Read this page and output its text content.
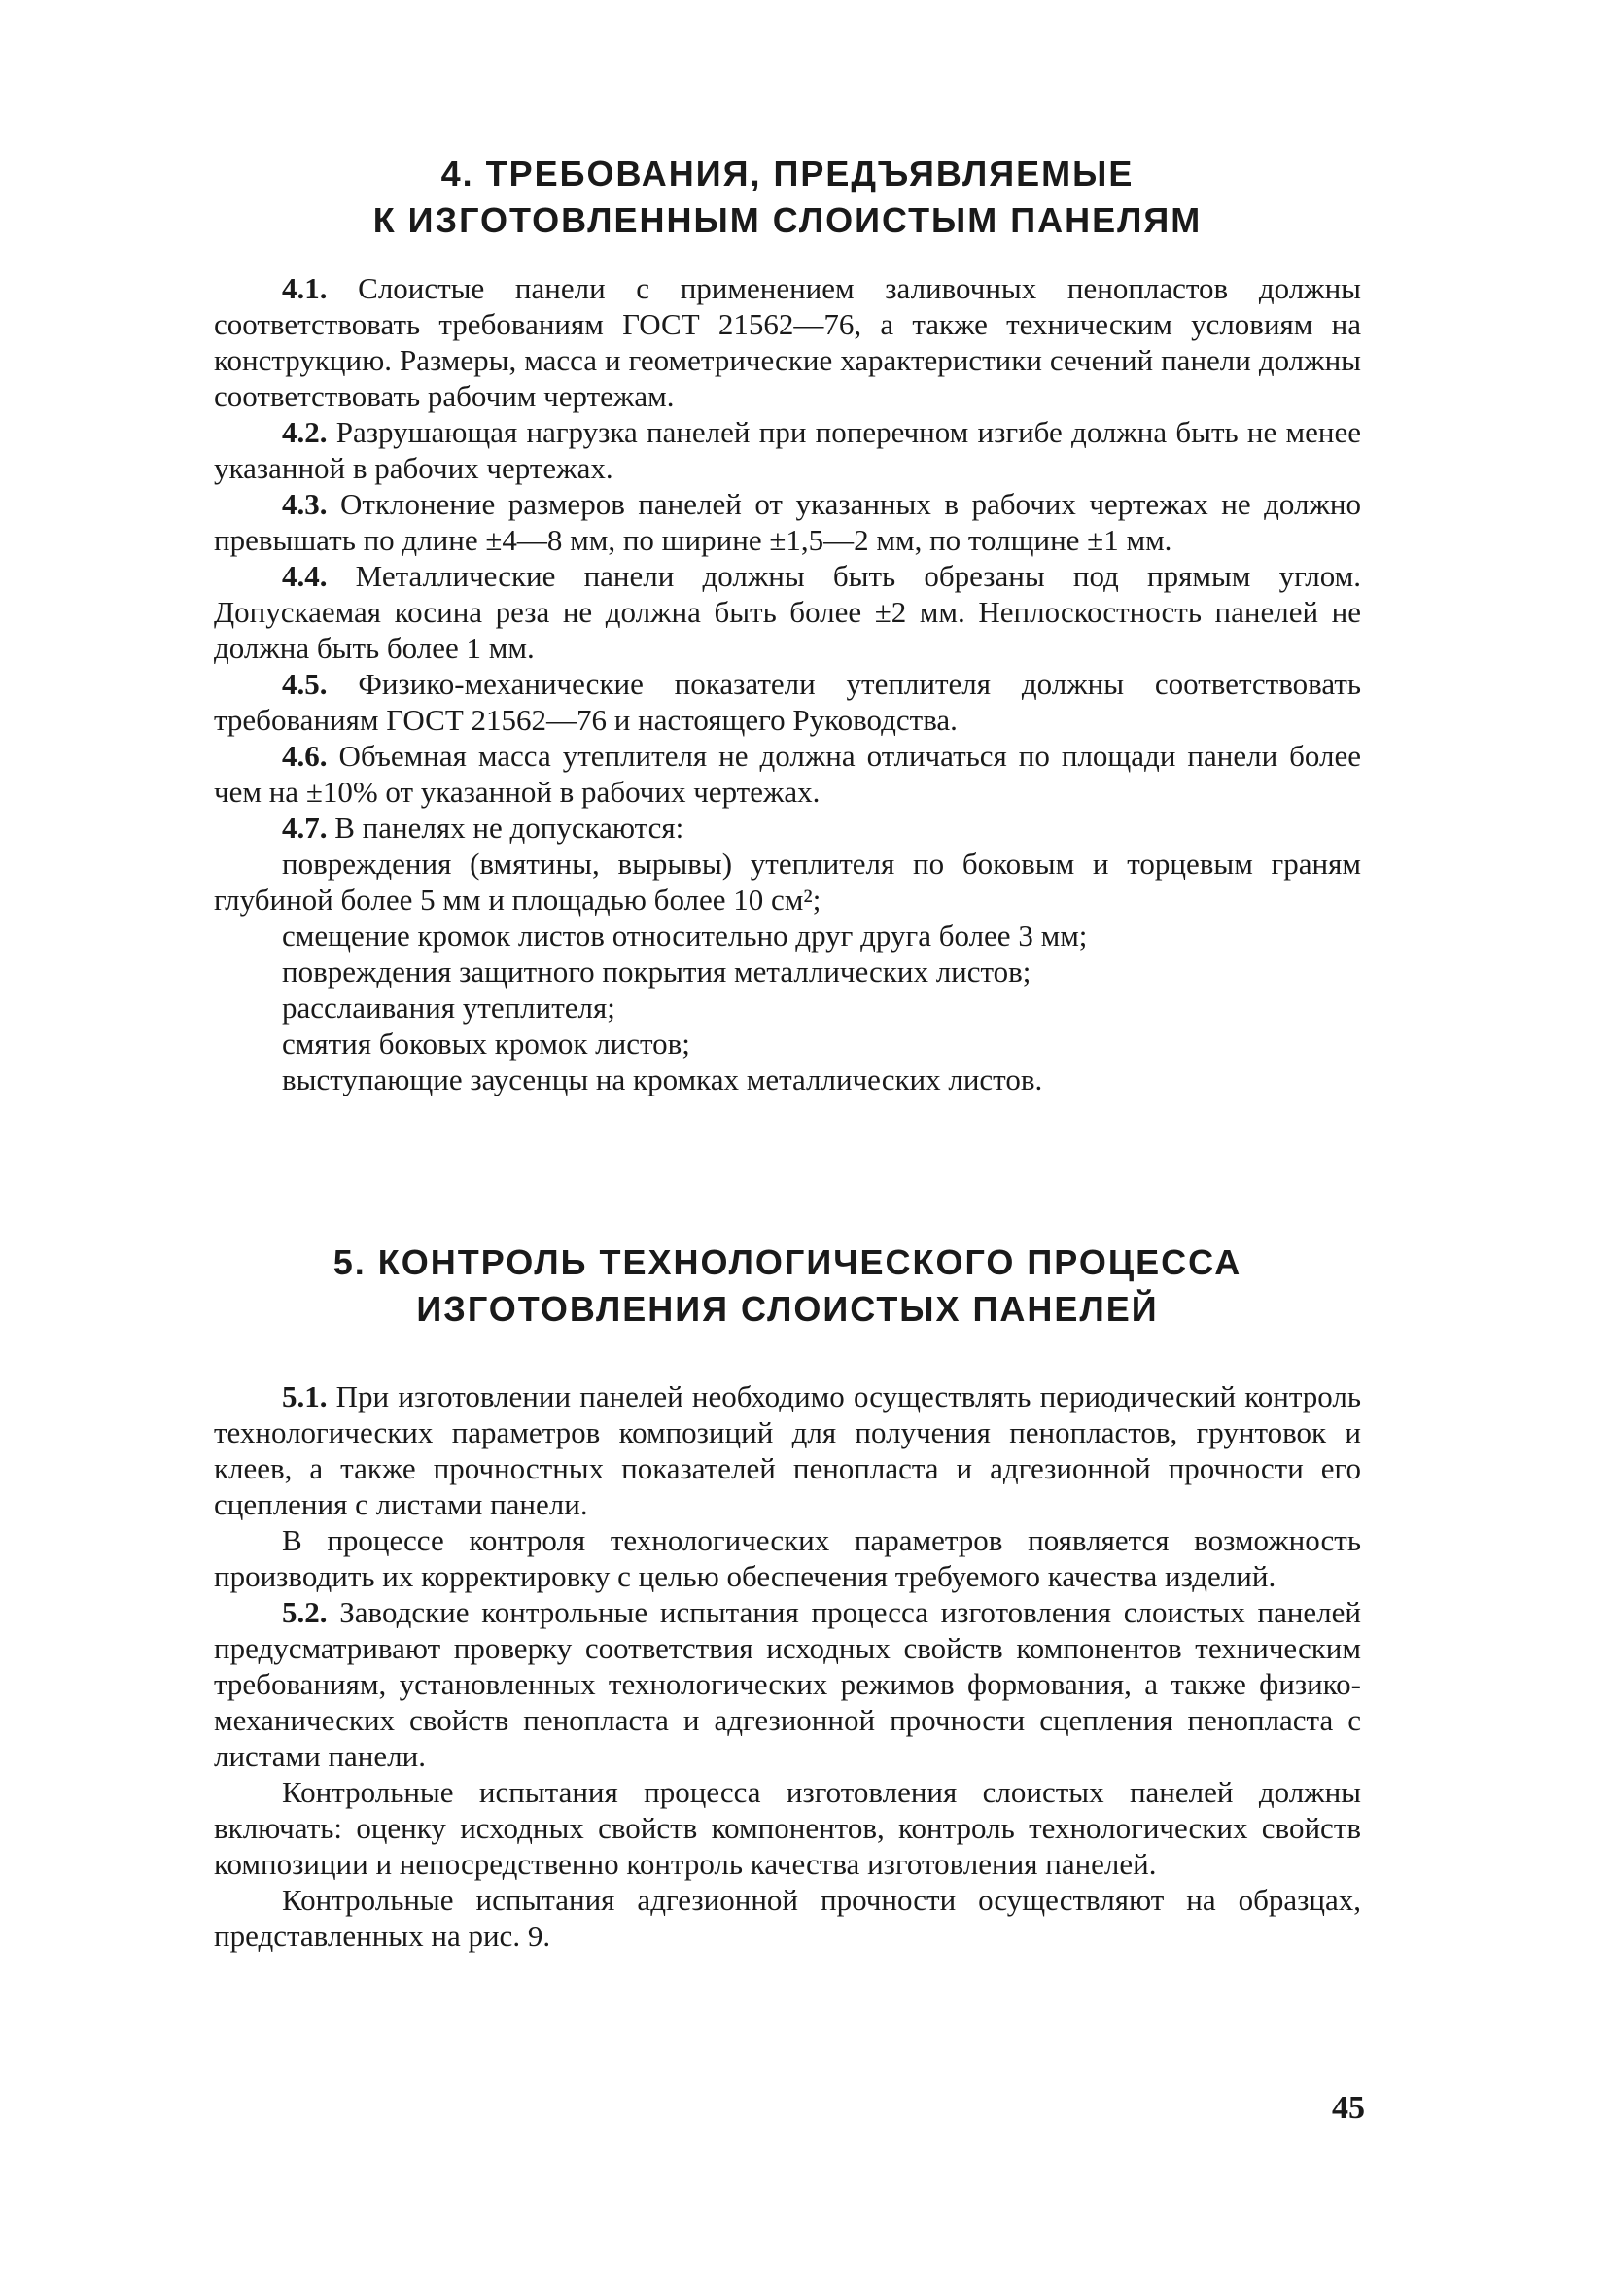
4. ТРЕБОВАНИЯ, ПРЕДЪЯВЛЯЕМЫЕ
К ИЗГОТОВЛЕННЫМ СЛОИСТЫМ ПАНЕЛЯМ

4.1. Слоистые панели с применением заливочных пенопластов должны соответствовать требованиям ГОСТ 21562—76, а также техническим условиям на конструкцию. Размеры, масса и геометрические характеристики сечений панели должны соответствовать рабочим чертежам.

4.2. Разрушающая нагрузка панелей при поперечном изгибе должна быть не менее указанной в рабочих чертежах.

4.3. Отклонение размеров панелей от указанных в рабочих чертежах не должно превышать по длине ±4—8 мм, по ширине ±1,5—2 мм, по толщине ±1 мм.

4.4. Металлические панели должны быть обрезаны под прямым углом. Допускаемая косина реза не должна быть более ±2 мм. Неплоскостность панелей не должна быть более 1 мм.

4.5. Физико-механические показатели утеплителя должны соответствовать требованиям ГОСТ 21562—76 и настоящего Руководства.

4.6. Объемная масса утеплителя не должна отличаться по площади панели более чем на ±10% от указанной в рабочих чертежах.

4.7. В панелях не допускаются:

повреждения (вмятины, вырывы) утеплителя по боковым и торцевым граням глубиной более 5 мм и площадью более 10 см²;

смещение кромок листов относительно друг друга более 3 мм;
повреждения защитного покрытия металлических листов;
расслаивания утеплителя;
смятия боковых кромок листов;
выступающие заусенцы на кромках металлических листов.
5. КОНТРОЛЬ ТЕХНОЛОГИЧЕСКОГО ПРОЦЕССА
ИЗГОТОВЛЕНИЯ СЛОИСТЫХ ПАНЕЛЕЙ

5.1. При изготовлении панелей необходимо осуществлять периодический контроль технологических параметров композиций для получения пенопластов, грунтовок и клеев, а также прочностных показателей пенопласта и адгезионной прочности его сцепления с листами панели.

В процессе контроля технологических параметров появляется возможность производить их корректировку с целью обеспечения требуемого качества изделий.

5.2. Заводские контрольные испытания процесса изготовления слоистых панелей предусматривают проверку соответствия исходных свойств компонентов техническим требованиям, установленных технологических режимов формования, а также физико-механических свойств пенопласта и адгезионной прочности сцепления пенопласта с листами панели.

Контрольные испытания процесса изготовления слоистых панелей должны включать: оценку исходных свойств компонентов, контроль технологических свойств композиции и непосредственно контроль качества изготовления панелей.

Контрольные испытания адгезионной прочности осуществляют на образцах, представленных на рис. 9.

45
